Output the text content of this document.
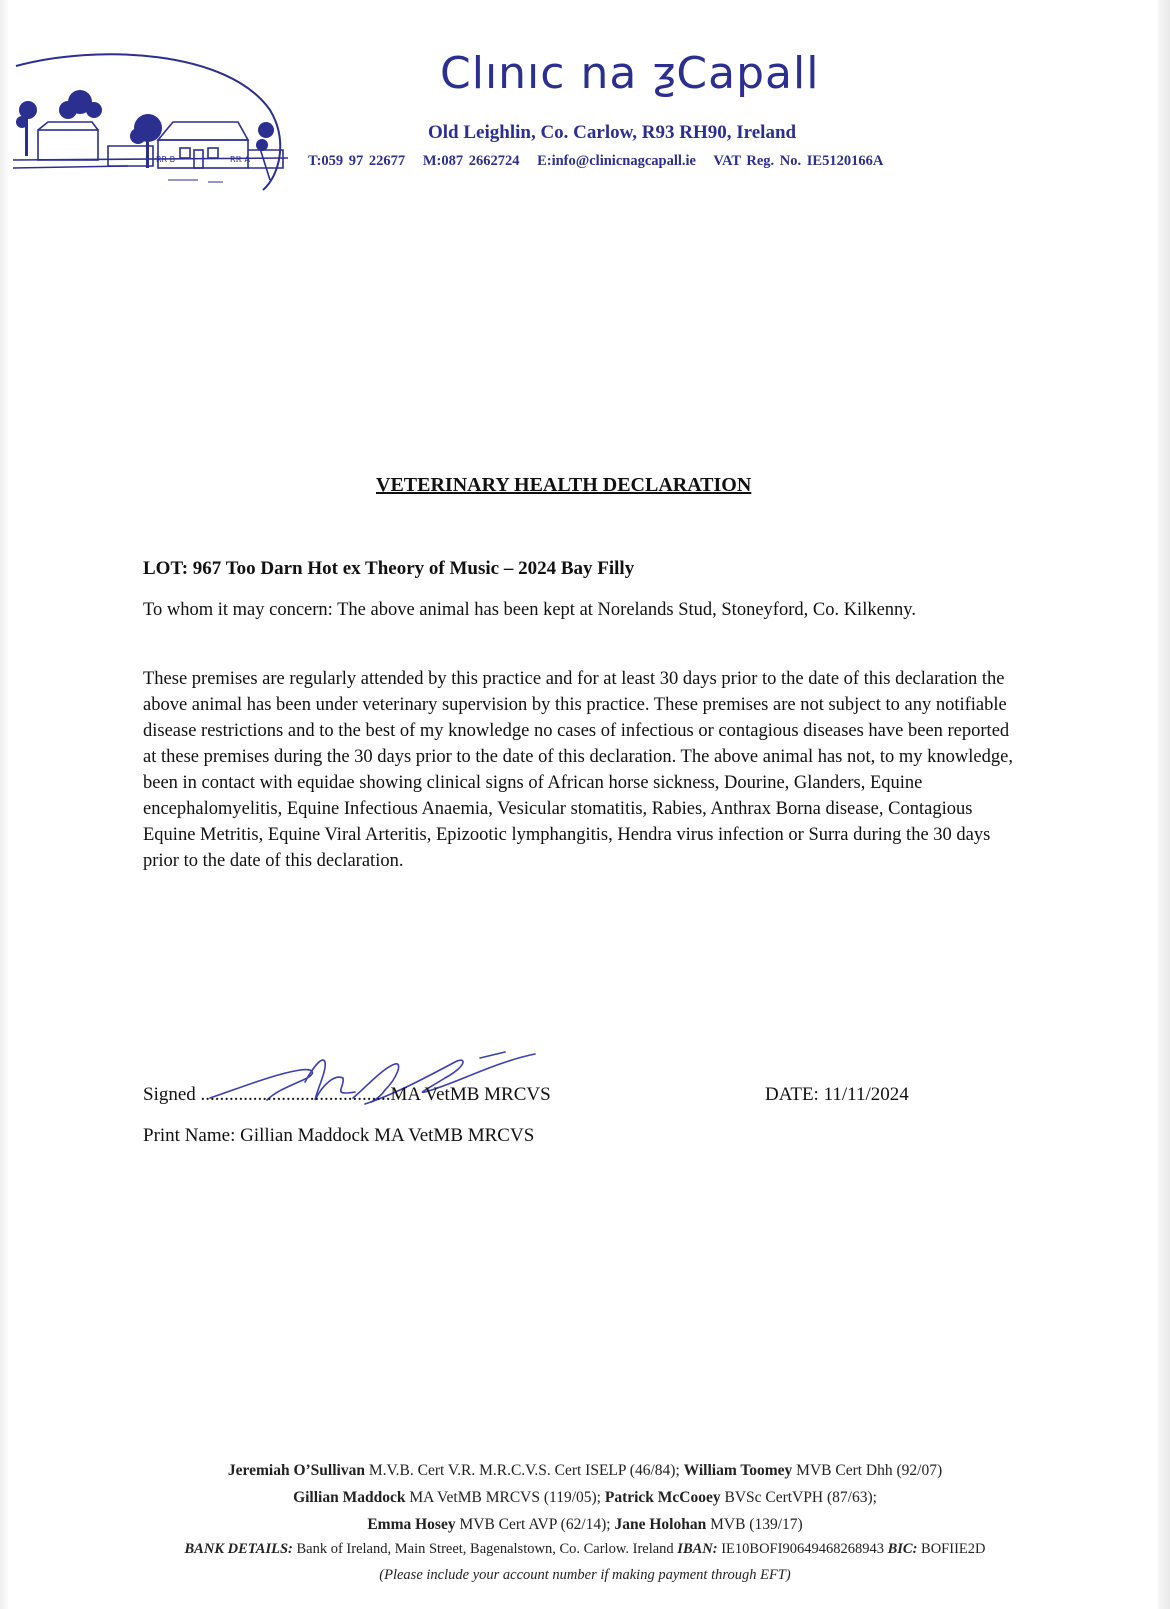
RR B	Rℝ A
Clınıc na ƺCapall
Old Leighlin, Co. Carlow, R93 RH90, Ireland
T:059 97 22677 M:087 2662724 E:info@clinicnagcapall.ie VAT Reg. No. IE5120166A
VETERINARY HEALTH DECLARATION
LOT: 967 Too Darn Hot ex Theory of Music – 2024 Bay Filly

To whom it may concern: The above animal has been kept at Norelands Stud, Stoneyford, Co. Kilkenny.

These premises are regularly attended by this practice and for at least 30 days prior to the date of this declaration the above animal has been under veterinary supervision by this practice. These premises are not subject to any notifiable disease restrictions and to the best of my knowledge no cases of infectious or contagious diseases have been reported at these premises during the 30 days prior to the date of this declaration. The above animal has not, to my knowledge, been in contact with equidae showing clinical signs of African horse sickness, Dourine, Glanders, Equine encephalomyelitis, Equine Infectious Anaemia, Vesicular stomatitis, Rabies, Anthrax Borna disease, Contagious Equine Metritis, Equine Viral Arteritis, Epizootic lymphangitis, Hendra virus infection or Surra during the 30 days prior to the date of this declaration.

Signed ........................................MA VetMB MRCVS	DATE: 11/11/2024
Print Name: Gillian Maddock MA VetMB MRCVS
Jeremiah O’Sullivan M.V.B. Cert V.R. M.R.C.V.S. Cert ISELP (46/84); William Toomey MVB Cert Dhh (92/07)
Gillian Maddock MA VetMB MRCVS (119/05); Patrick McCooey BVSc CertVPH (87/63);
Emma Hosey MVB Cert AVP (62/14); Jane Holohan MVB (139/17)
BANK DETAILS: Bank of Ireland, Main Street, Bagenalstown, Co. Carlow. Ireland IBAN: IE10BOFI90649468268943 BIC: BOFIIE2D
(Please include your account number if making payment through EFT)
